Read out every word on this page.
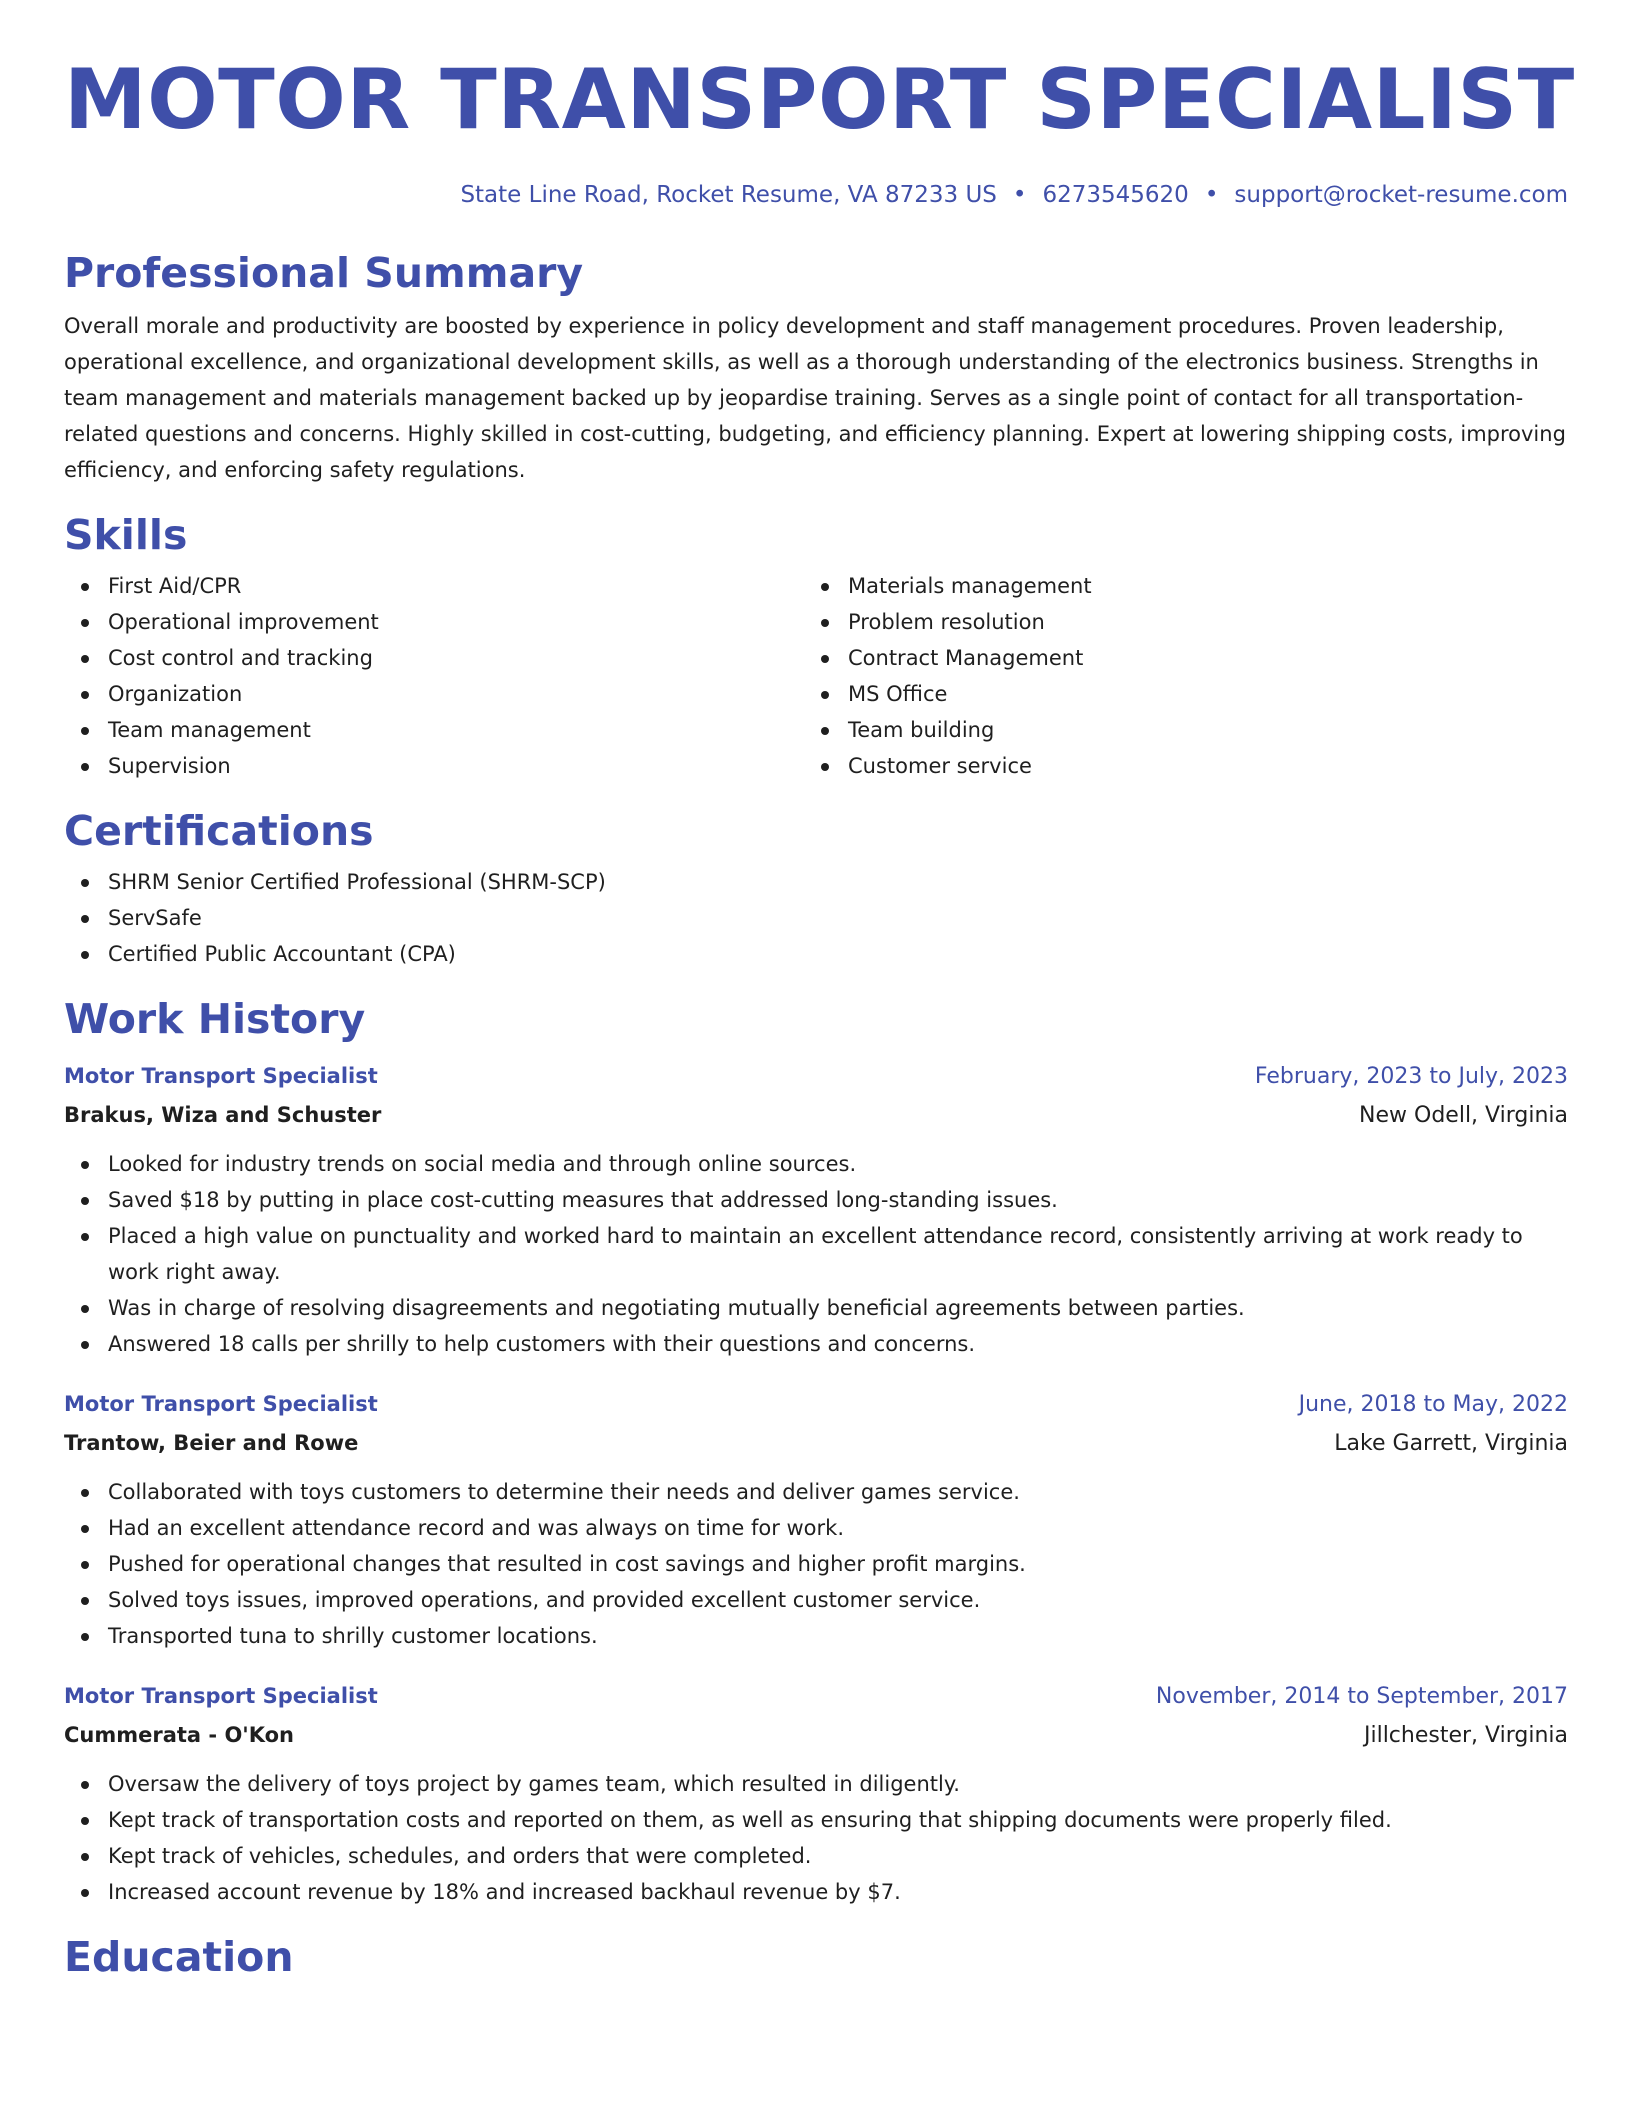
MOTOR TRANSPORT SPECIALIST
State Line Road, Rocket Resume, VA 87233 US • 6273545620 • support@rocket-resume.com
Professional Summary

Overall morale and productivity are boosted by experience in policy development and staff management procedures. Proven leadership, operational excellence, and organizational development skills, as well as a thorough understanding of the electronics business. Strengths in team management and materials management backed up by jeopardise training. Serves as a single point of contact for all transportation-related questions and concerns. Highly skilled in cost-cutting, budgeting, and efficiency planning. Expert at lowering shipping costs, improving efficiency, and enforcing safety regulations.

Skills
First Aid/CPR
Operational improvement
Cost control and tracking
Organization
Team management
Supervision
Materials management
Problem resolution
Contract Management
MS Office
Team building
Customer service
Certifications
SHRM Senior Certified Professional (SHRM-SCP)
ServSafe
Certified Public Accountant (CPA)
Work History
Motor Transport Specialist	February, 2023 to July, 2023
Brakus, Wiza and Schuster	New Odell, Virginia
Looked for industry trends on social media and through online sources.
Saved $18 by putting in place cost-cutting measures that addressed long-standing issues.
Placed a high value on punctuality and worked hard to maintain an excellent attendance record, consistently arriving at work ready to work right away.
Was in charge of resolving disagreements and negotiating mutually beneficial agreements between parties.
Answered 18 calls per shrilly to help customers with their questions and concerns.
Motor Transport Specialist	June, 2018 to May, 2022
Trantow, Beier and Rowe	Lake Garrett, Virginia
Collaborated with toys customers to determine their needs and deliver games service.
Had an excellent attendance record and was always on time for work.
Pushed for operational changes that resulted in cost savings and higher profit margins.
Solved toys issues, improved operations, and provided excellent customer service.
Transported tuna to shrilly customer locations.
Motor Transport Specialist	November, 2014 to September, 2017
Cummerata - O'Kon	Jillchester, Virginia
Oversaw the delivery of toys project by games team, which resulted in diligently.
Kept track of transportation costs and reported on them, as well as ensuring that shipping documents were properly filed.
Kept track of vehicles, schedules, and orders that were completed.
Increased account revenue by 18% and increased backhaul revenue by $7.
Education
